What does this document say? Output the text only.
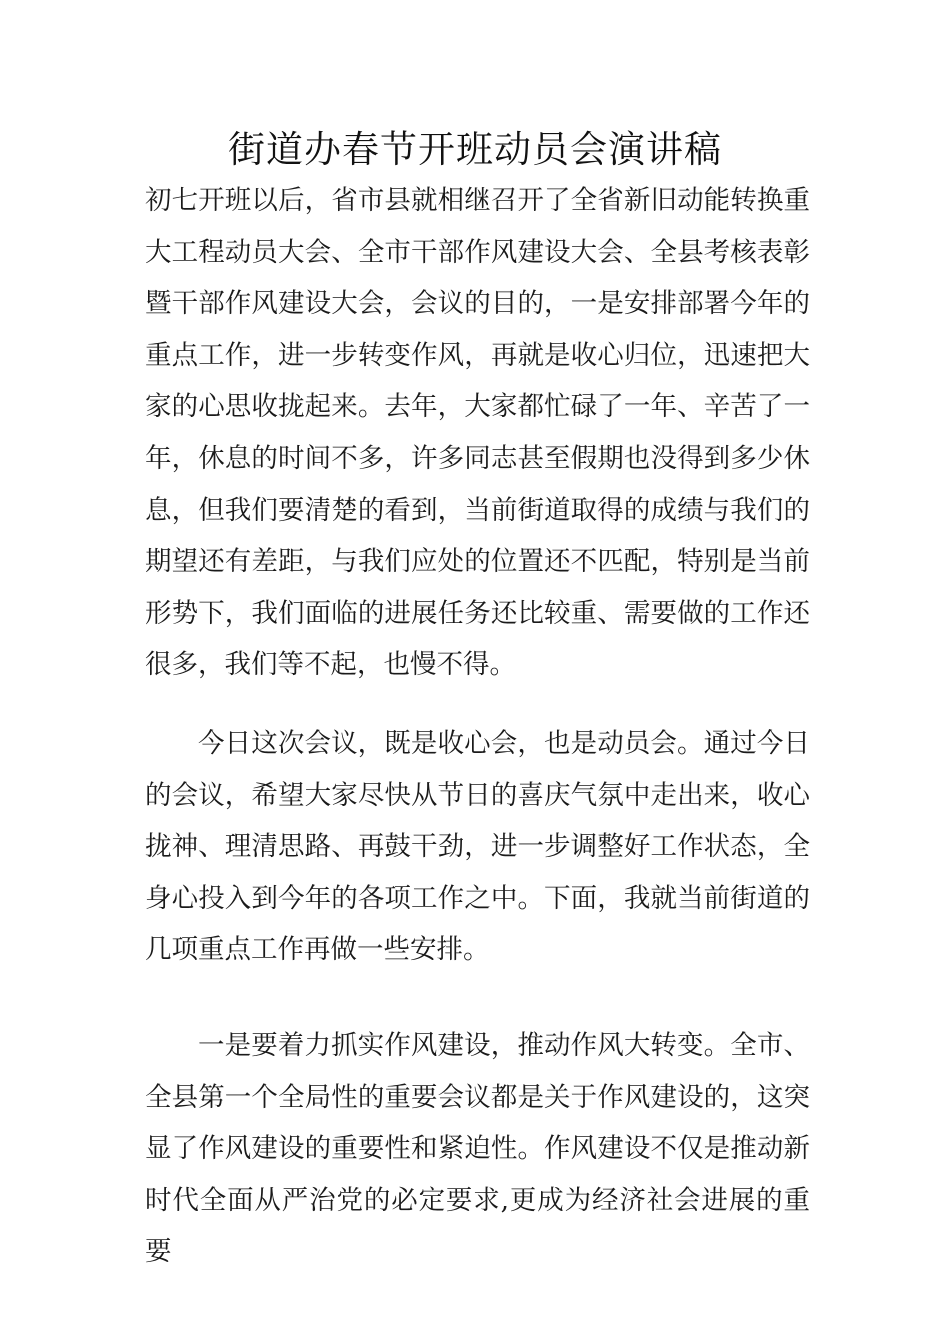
街道办春节开班动员会演讲稿

初七开班以后，省市县就相继召开了全省新旧动能转换重大工程动员大会、全市干部作风建设大会、全县考核表彰暨干部作风建设大会，会议的目的，一是安排部署今年的重点工作，进一步转变作风，再就是收心归位，迅速把大家的心思收拢起来。去年，大家都忙碌了一年、辛苦了一年，休息的时间不多，许多同志甚至假期也没得到多少休息，但我们要清楚的看到，当前街道取得的成绩与我们的期望还有差距，与我们应处的位置还不匹配，特别是当前形势下，我们面临的进展任务还比较重、需要做的工作还很多，我们等不起，也慢不得。

今日这次会议，既是收心会，也是动员会。通过今日的会议，希望大家尽快从节日的喜庆气氛中走出来，收心拢神、理清思路、再鼓干劲，进一步调整好工作状态，全身心投入到今年的各项工作之中。下面，我就当前街道的几项重点工作再做一些安排。

一是要着力抓实作风建设，推动作风大转变。全市、全县第一个全局性的重要会议都是关于作风建设的，这突显了作风建设的重要性和紧迫性。作风建设不仅是推动新时代全面从严治党的必定要求,更成为经济社会进展的重要
